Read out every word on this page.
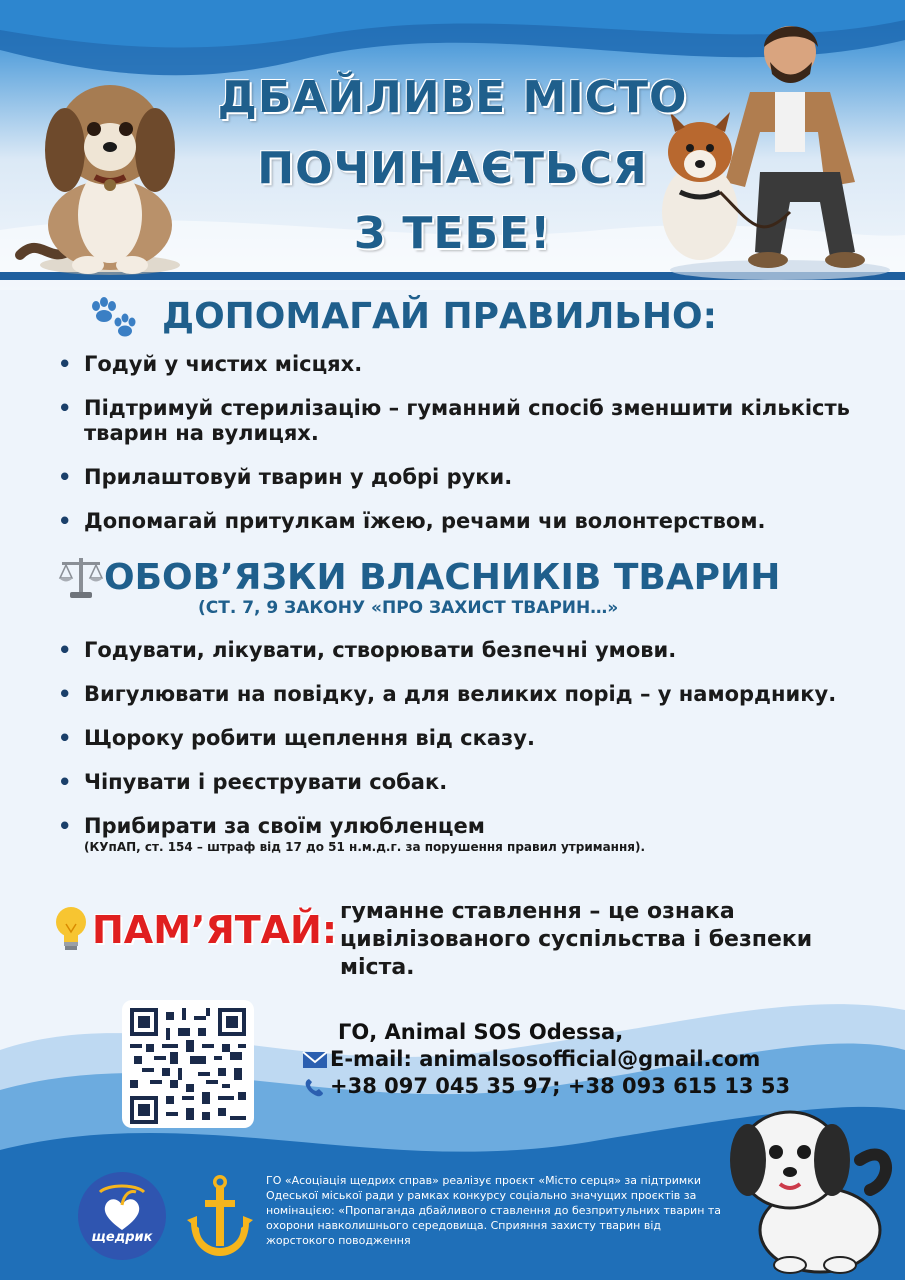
ДБАЙЛИВЕ МІСТО
ПОЧИНАЄТЬСЯ
З ТЕБЕ!
ДОПОМАГАЙ ПРАВИЛЬНО:
• Годуй у чистих місцях.
• Підтримуй стерилізацію – гуманний спосіб зменшити кількість тварин на вулицях.
• Прилаштовуй тварин у добрі руки.
• Допомагай притулкам їжею, речами чи волонтерством.
ОБОВ’ЯЗКИ ВЛАСНИКІВ ТВАРИН
(СТ. 7, 9 ЗАКОНУ «ПРО ЗАХИСТ ТВАРИН…»
• Годувати, лікувати, створювати безпечні умови.
• Вигулювати на повідку, а для великих порід – у наморднику.
• Щороку робити щеплення від сказу.
• Чіпувати і реєструвати собак.
• Прибирати за своїм улюбленцем
(КУпАП, ст. 154 – штраф від 17 до 51 н.м.д.г. за порушення правил утримання).
ПАМ’ЯТАЙ: гуманне ставлення – це ознака цивілізованого суспільства і безпеки міста.
ГО, Animal SOS Odessa,
E-mail: animalsosofficial@gmail.com
+38 097 045 35 97; +38 093 615 13 53
щедрик
ГО «Асоціація щедрих справ» реалізує проєкт «Місто серця» за підтримки Одеської міської ради у рамках конкурсу соціально значущих проєктів за номінацією: «Пропаганда дбайливого ставлення до безпритульних тварин та охорони навколишнього середовища. Сприяння захисту тварин від жорстокого поводження
